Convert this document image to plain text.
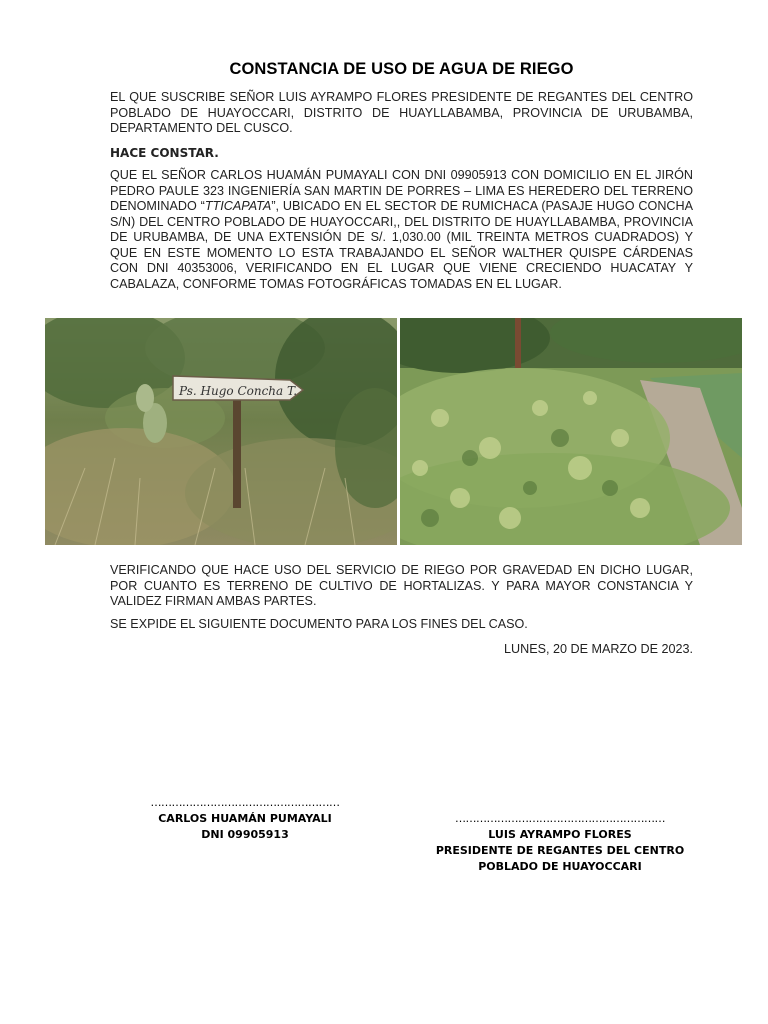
CONSTANCIA DE USO DE AGUA DE RIEGO
EL QUE SUSCRIBE SEÑOR LUIS AYRAMPO FLORES PRESIDENTE DE REGANTES DEL CENTRO POBLADO DE HUAYOCCARI, DISTRITO DE HUAYLLABAMBA, PROVINCIA DE URUBAMBA, DEPARTAMENTO DEL CUSCO.
HACE CONSTAR.
QUE EL SEÑOR CARLOS HUAMÁN PUMAYALI CON DNI 09905913 CON DOMICILIO EN EL JIRÓN PEDRO PAULE 323 INGENIERÍA SAN MARTIN DE PORRES – LIMA ES HEREDERO DEL TERRENO DENOMINADO “TTICAPATA”, UBICADO EN EL SECTOR DE RUMICHACA (PASAJE HUGO CONCHA S/N) DEL CENTRO POBLADO DE HUAYOCCARI,, DEL DISTRITO DE HUAYLLABAMBA, PROVINCIA DE URUBAMBA, DE UNA EXTENSIÓN DE S/. 1,030.00 (MIL TREINTA METROS CUADRADOS) Y QUE EN ESTE MOMENTO LO ESTA TRABAJANDO EL SEÑOR WALTHER QUISPE CÁRDENAS CON DNI 40353006, VERIFICANDO EN EL LUGAR QUE VIENE CRECIENDO HUACATAY Y CABALAZA, CONFORME TOMAS FOTOGRÁFICAS TOMADAS EN EL LUGAR.
Ps. Hugo Concha T.
VERIFICANDO QUE HACE USO DEL SERVICIO DE RIEGO POR GRAVEDAD EN DICHO LUGAR, POR CUANTO ES TERRENO DE CULTIVO DE HORTALIZAS. Y PARA MAYOR CONSTANCIA Y VALIDEZ FIRMAN AMBAS PARTES.
SE EXPIDE EL SIGUIENTE DOCUMENTO PARA LOS FINES DEL CASO.
LUNES, 20 DE MARZO DE 2023.
………………………………………………
CARLOS HUAMÁN PUMAYALI
DNI 09905913
……………………………………………………
LUIS AYRAMPO FLORES
PRESIDENTE DE REGANTES DEL CENTRO
POBLADO DE HUAYOCCARI
